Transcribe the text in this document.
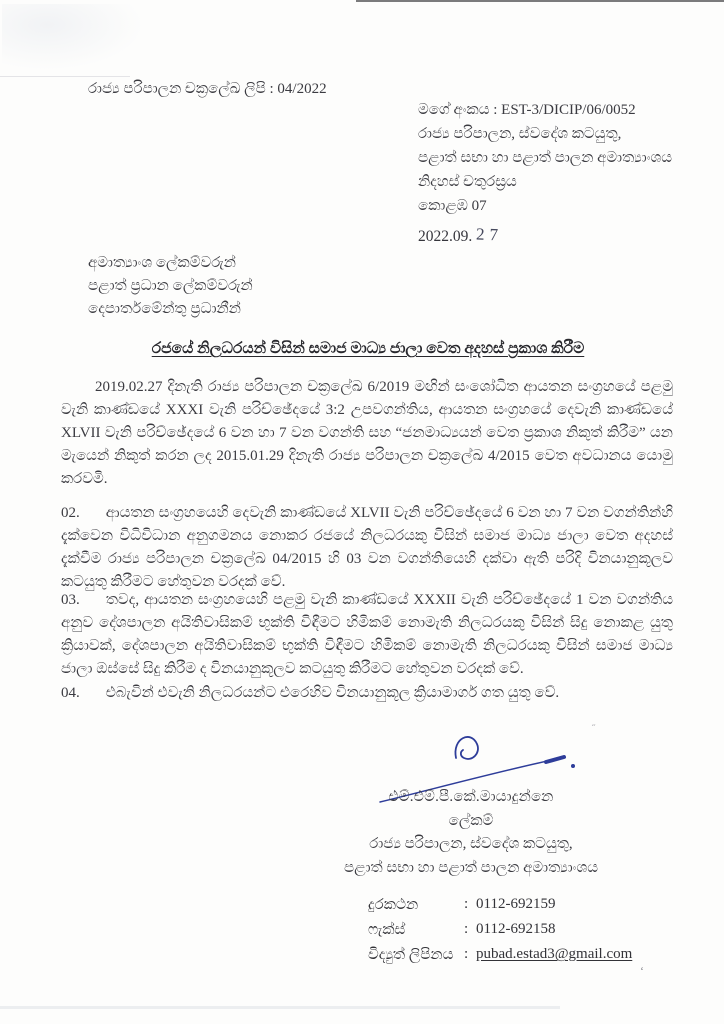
ʻ
˝
රාජ්‍ය පරිපාලන චක්‍රලේඛ ලිපි : 04/2022
මගේ අංකය : EST-3/DICIP/06/0052
රාජ්‍ය පරිපාලන, ස්වදේශ කටයුතු,
පළාත් සභා හා පළාත් පාලන අමාත්‍යාංශය
නිදහස් චතුරස්‍රය
කොළඹ 07
2022.09. 27
අමාත්‍යාංශ ලේකම්වරුන්
පළාත් ප්‍රධාන ලේකම්වරුන්
දෙපාර්තමේන්තු ප්‍රධානීන්
රජයේ නිලධරයන් විසින් සමාජ මාධ්‍ය ජාලා වෙත අදහස් ප්‍රකාශ කිරීම

2019.02.27 දිනැති රාජ්‍ය පරිපාලන චක්‍රලේඛ 6/2019 මඟින් සංශෝධිත ආයතන සංග්‍රහයේ පළමු වැනි කාණ්ඩයේ XXXI වැනි පරිච්ඡේදයේ 3:2 උපවගන්තිය, ආයතන සංග්‍රහයේ දෙවැනි කාණ්ඩයේ XLVII වැනි පරිච්ඡේදයේ 6 වන හා 7 වන වගන්ති සහ “ජනමාධ්‍යයන් වෙත ප්‍රකාශ නිකුත් කිරීම” යන මැයෙන් නිකුත් කරන ලද 2015.01.29 දිනැති රාජ්‍ය පරිපාලන චක්‍රලේඛ 4/2015 වෙත අවධානය යොමු කරවමි.

02. ආයතන සංග්‍රහයෙහි දෙවැනි කාණ්ඩයේ XLVII වැනි පරිච්ඡේදයේ 6 වන හා 7 වන වගන්තින්හි දැක්වෙන විධිවිධාන අනුගමනය නොකර රජයේ නිලධරයකු විසින් සමාජ මාධ්‍ය ජාලා වෙත අදහස් දැක්වීම රාජ්‍ය පරිපාලන චක්‍රලේඛ 04/2015 හි 03 වන වගන්තියෙහි දක්වා ඇති පරිදි විනයානුකූලව කටයුතු කිරීමට හේතුවන වරදක් වේ.

03. තවද, ආයතන සංග්‍රහයෙහි පළමු වැනි කාණ්ඩයේ XXXII වැනි පරිච්ඡේදයේ 1 වන වගන්තිය අනුව දේශපාලන අයිතිවාසිකම් භුක්ති විඳීමට හිමිකම් නොමැති නිලධරයකු විසින් සිදු නොකළ යුතු ක්‍රියාවක්, දේශපාලන අයිතිවාසිකම් භුක්ති විඳීමට හිමිකම් නොමැති නිලධරයකු විසින් සමාජ මාධ්‍ය ජාලා ඔස්සේ සිදු කිරීම ද විනයානුකූලව කටයුතු කිරීමට හේතුවන වරදක් වේ.

04. එබැවින් එවැනි නිලධරයන්ට එරෙහිව විනයානුකූල ක්‍රියාමාර්ග ගත යුතු වේ.

එම්.එම්.පී.කේ.මායාදුන්නෙ
ලේකම්
රාජ්‍ය පරිපාලන, ස්වදේශ කටයුතු,
පළාත් සභා හා පළාත් පාලන අමාත්‍යාංශය
දුරකථන	: 0112-692159
ෆැක්ස්	: 0112-692158
විද්‍යුත් ලිපිනය : pubad.estad3@gmail.com
